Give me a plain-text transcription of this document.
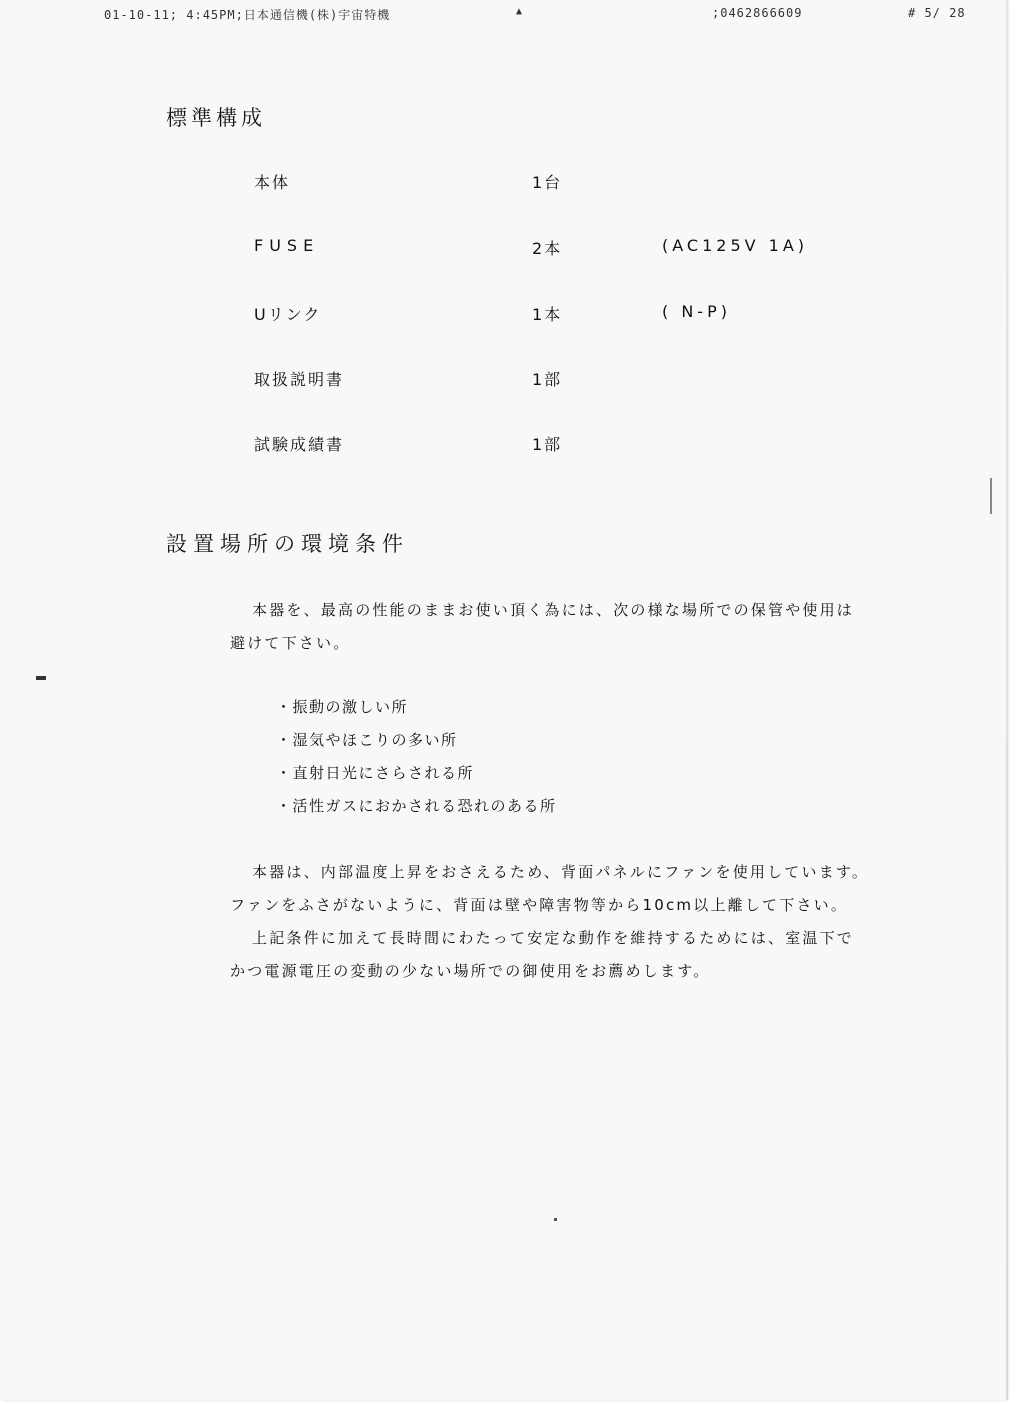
01-10-11; 4:45PM;日本通信機(株)宇宙特機	▲	;0462866609	# 5/ 28
標準構成
本体	1台
FUSE	2本	(AC125V 1A)
Uリンク	1本	( N-P)
取扱説明書	1部
試験成績書	1部
設置場所の環境条件
本器を、最高の性能のままお使い頂く為には、次の様な場所での保管や使用は
避けて下さい。
・振動の激しい所
・湿気やほこりの多い所
・直射日光にさらされる所
・活性ガスにおかされる恐れのある所
本器は、内部温度上昇をおさえるため、背面パネルにファンを使用しています。
ファンをふさがないように、背面は壁や障害物等から10cm以上離して下さい。
上記条件に加えて長時間にわたって安定な動作を維持するためには、室温下で
かつ電源電圧の変動の少ない場所での御使用をお薦めします。
